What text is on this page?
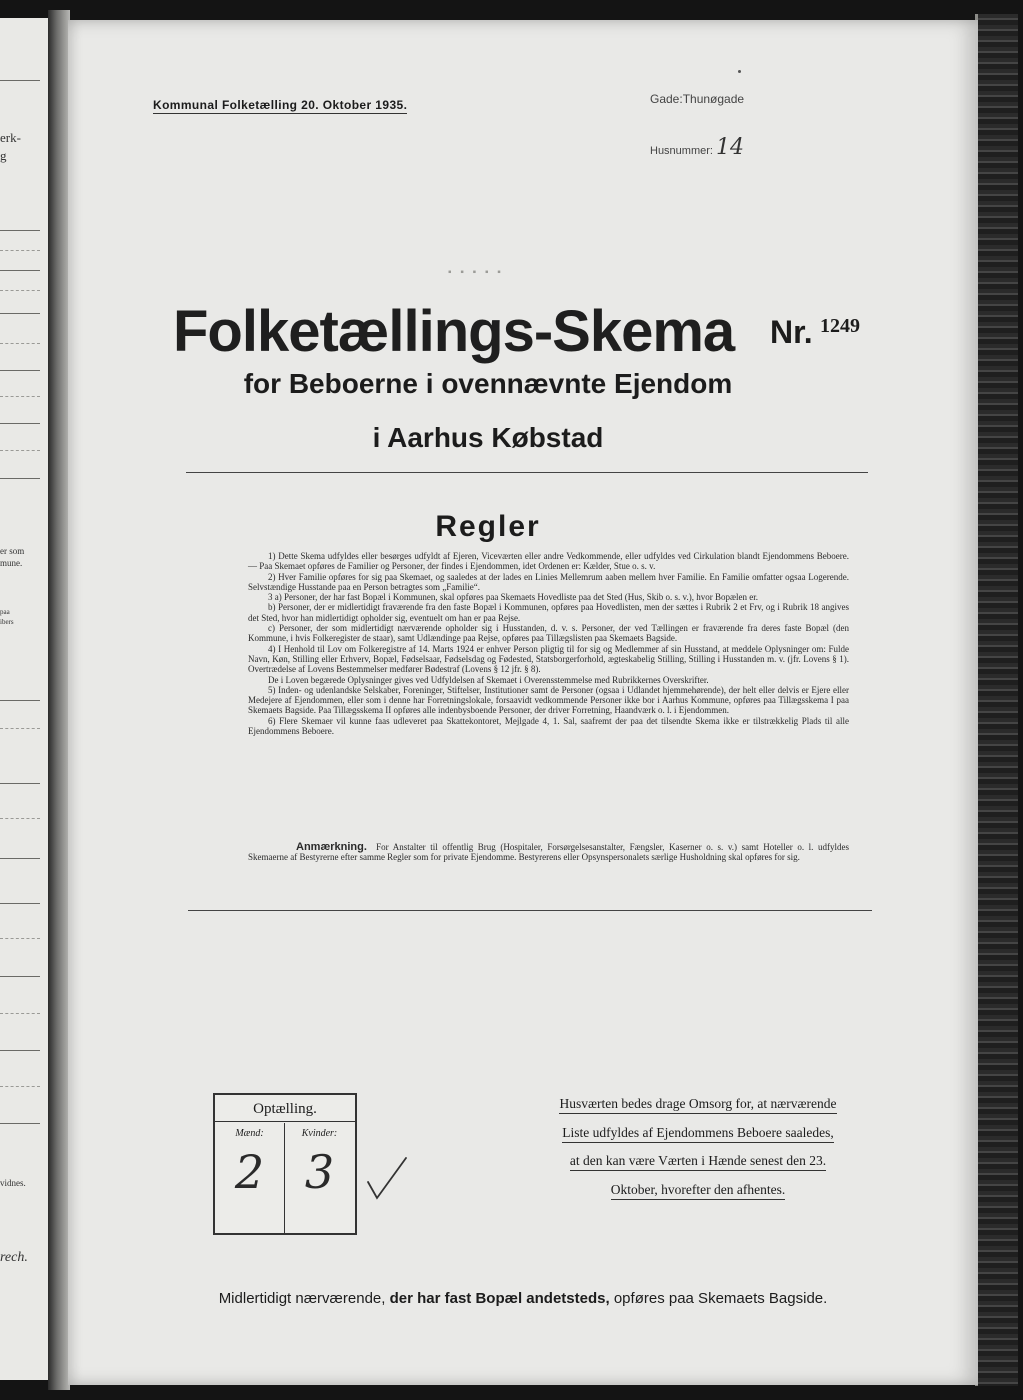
erk-
g
er som
mune.
paa
ibers
vidnes.
rech.
Kommunal Folketælling 20. Oktober 1935.	Gade:Thunøgade
Husnummer: 14
▪ ▪ ▪ ▪ ▪
Folketællings-Skema Nr. 1249
for Beboerne i ovennævnte Ejendom
i Aarhus Købstad
Regler

1) Dette Skema udfyldes eller besørges udfyldt af Ejeren, Viceværten eller andre Vedkommende, eller udfyldes ved Cirkulation blandt Ejendommens Beboere. — Paa Skemaet opføres de Familier og Personer, der findes i Ejendommen, idet Ordenen er: Kælder, Stue o. s. v.

2) Hver Familie opføres for sig paa Skemaet, og saaledes at der lades en Linies Mellemrum aaben mellem hver Familie. En Familie omfatter ogsaa Logerende. Selvstændige Husstande paa en Person betragtes som „Familie“.

3 a) Personer, der har fast Bopæl i Kommunen, skal opføres paa Skemaets Hovedliste paa det Sted (Hus, Skib o. s. v.), hvor Bopælen er.

b) Personer, der er midlertidigt fraværende fra den faste Bopæl i Kommunen, opføres paa Hovedlisten, men der sættes i Rubrik 2 et Frv, og i Rubrik 18 angives det Sted, hvor han midlertidigt opholder sig, eventuelt om han er paa Rejse.

c) Personer, der som midlertidigt nærværende opholder sig i Husstanden, d. v. s. Personer, der ved Tællingen er fraværende fra deres faste Bopæl (den Kommune, i hvis Folkeregister de staar), samt Udlændinge paa Rejse, opføres paa Tillægslisten paa Skemaets Bagside.

4) I Henhold til Lov om Folkeregistre af 14. Marts 1924 er enhver Person pligtig til for sig og Medlemmer af sin Husstand, at meddele Oplysninger om: Fulde Navn, Køn, Stilling eller Erhverv, Bopæl, Fødselsaar, Fødselsdag og Fødested, Statsborgerforhold, ægteskabelig Stilling, Stilling i Husstanden m. v. (jfr. Lovens § 1). Overtrædelse af Lovens Bestemmelser medfører Bødestraf (Lovens § 12 jfr. § 8).

De i Loven begærede Oplysninger gives ved Udfyldelsen af Skemaet i Overensstemmelse med Rubrikkernes Overskrifter.

5) Inden- og udenlandske Selskaber, Foreninger, Stiftelser, Institutioner samt de Personer (ogsaa i Udlandet hjemmehørende), der helt eller delvis er Ejere eller Medejere af Ejendommen, eller som i denne har Forretningslokale, forsaavidt vedkommende Personer ikke bor i Aarhus Kommune, opføres paa Tillægsskema I paa Skemaets Bagside. Paa Tillægsskema II opføres alle indenbysboende Personer, der driver Forretning, Haandværk o. l. i Ejendommen.

6) Flere Skemaer vil kunne faas udleveret paa Skattekontoret, Mejlgade 4, 1. Sal, saafremt der paa det tilsendte Skema ikke er tilstrækkelig Plads til alle Ejendommens Beboere.

Anmærkning. For Anstalter til offentlig Brug (Hospitaler, Forsørgelsesanstalter, Fængsler, Kaserner o. s. v.) samt Hoteller o. l. udfyldes Skemaerne af Bestyrerne efter samme Regler som for private Ejendomme. Bestyrerens eller Opsynspersonalets særlige Husholdning skal opføres for sig.

Optælling.
Mænd:
2
Kvinder:
3
Husværten bedes drage Omsorg for, at nærværende
Liste udfyldes af Ejendommens Beboere saaledes,
at den kan være Værten i Hænde senest den 23.
Oktober, hvorefter den afhentes.
Midlertidigt nærværende, der har fast Bopæl andetsteds, opføres paa Skemaets Bagside.
